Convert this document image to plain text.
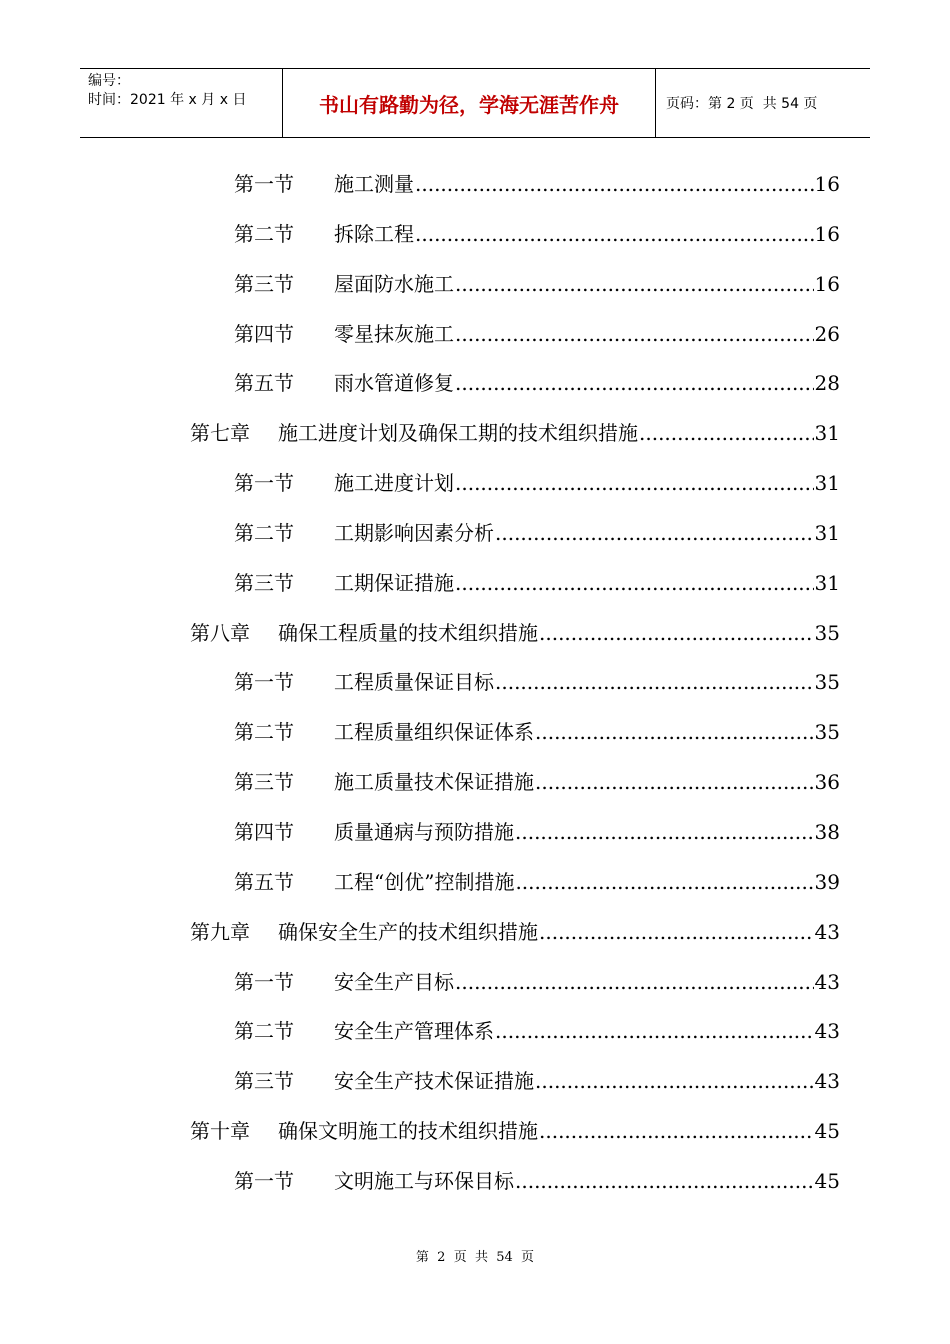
编号：
时间：2021 年 x 月 x 日	书山有路勤为径，学海无涯苦作舟	页码：第 2 页  共 54 页
第一节	施工测量 .....	16
第二节	拆除工程 .....	16
第三节	屋面防水施工 .....	16
第四节	零星抹灰施工 .....	26
第五节	雨水管道修复 .....	28
第七章	施工进度计划及确保工期的技术组织措施 .....	31
第一节	施工进度计划 .....	31
第二节	工期影响因素分析 .....	31
第三节	工期保证措施 .....	31
第八章	确保工程质量的技术组织措施 .....	35
第一节	工程质量保证目标 .....	35
第二节	工程质量组织保证体系 .....	35
第三节	施工质量技术保证措施 .....	36
第四节	质量通病与预防措施 .....	38
第五节	工程“创优”控制措施 .....	39
第九章	确保安全生产的技术组织措施 .....	43
第一节	安全生产目标 .....	43
第二节	安全生产管理体系 .....	43
第三节	安全生产技术保证措施 .....	43
第十章	确保文明施工的技术组织措施 .....	45
第一节	文明施工与环保目标 .....	45
第  2  页  共  54  页
